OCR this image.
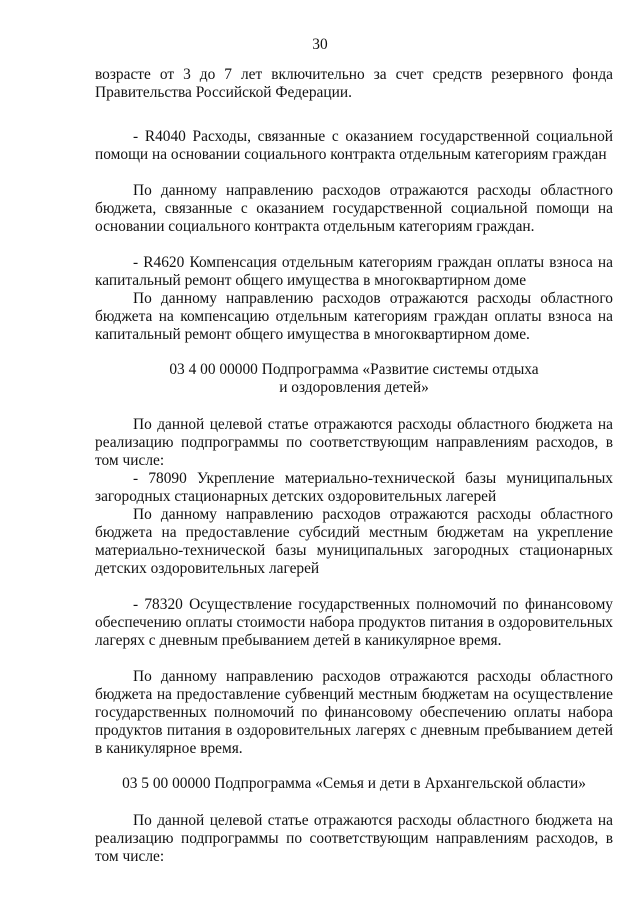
30
возрасте от 3 до 7 лет включительно за счет средств резервного фонда Правительства Российской Федерации.
- R4040 Расходы, связанные с оказанием государственной социальной помощи на основании социального контракта отдельным категориям граждан
По данному направлению расходов отражаются расходы областного бюджета, связанные с оказанием государственной социальной помощи на основании социального контракта отдельным категориям граждан.
- R4620 Компенсация отдельным категориям граждан оплаты взноса на капитальный ремонт общего имущества в многоквартирном доме
По данному направлению расходов отражаются расходы областного бюджета на компенсацию отдельным категориям граждан оплаты взноса на капитальный ремонт общего имущества в многоквартирном доме.
03 4 00 00000 Подпрограмма «Развитие системы отдыха
и оздоровления детей»
По данной целевой статье отражаются расходы областного бюджета на реализацию подпрограммы по соответствующим направлениям расходов, в том числе:
- 78090 Укрепление материально-технической базы муниципальных загородных стационарных детских оздоровительных лагерей
По данному направлению расходов отражаются расходы областного бюджета на предоставление субсидий местным бюджетам на укрепление материально-технической базы муниципальных загородных стационарных детских оздоровительных лагерей
- 78320 Осуществление государственных полномочий по финансовому обеспечению оплаты стоимости набора продуктов питания в оздоровительных лагерях с дневным пребыванием детей в каникулярное время.
По данному направлению расходов отражаются расходы областного бюджета на предоставление субвенций местным бюджетам на осуществление государственных полномочий по финансовому обеспечению оплаты набора продуктов питания в оздоровительных лагерях с дневным пребыванием детей в каникулярное время.
03 5 00 00000 Подпрограмма «Семья и дети в Архангельской области»
По данной целевой статье отражаются расходы областного бюджета на реализацию подпрограммы по соответствующим направлениям расходов, в том числе:
